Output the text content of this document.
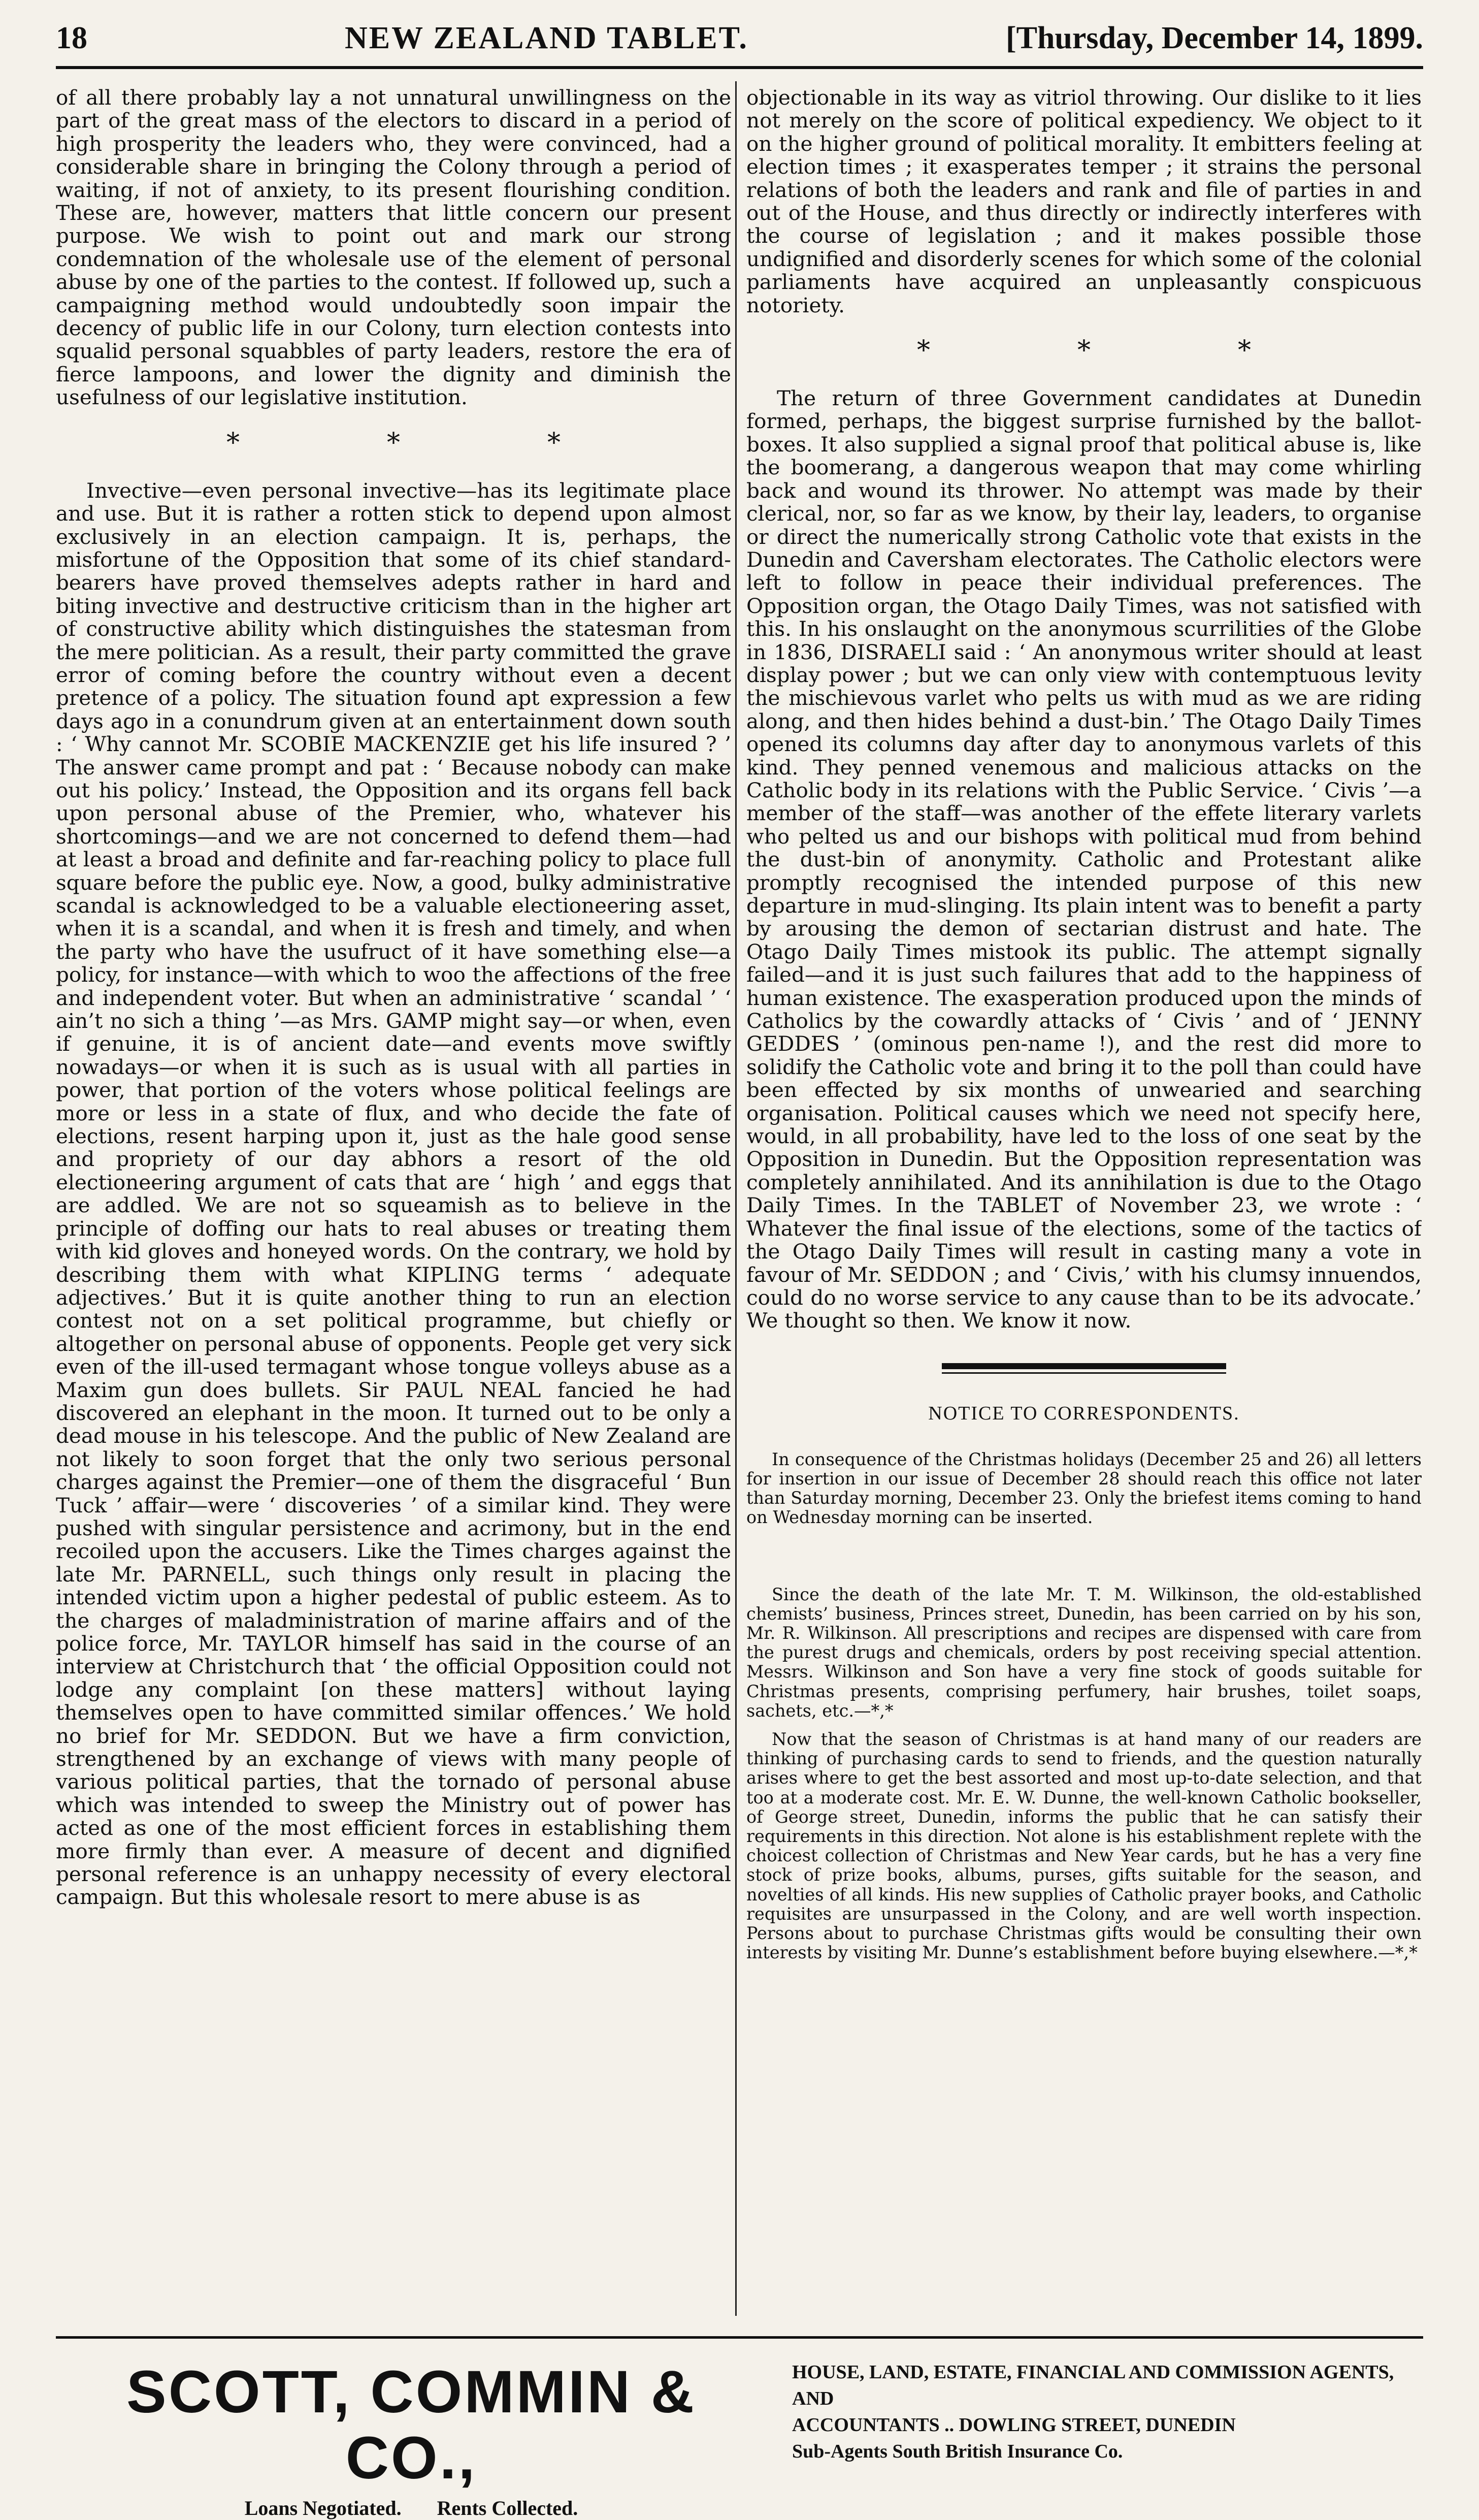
18	NEW ZEALAND TABLET.	[Thursday, December 14, 1899.

of all there probably lay a not unnatural unwillingness on the part of the great mass of the electors to discard in a period of high prosperity the leaders who, they were convinced, had a considerable share in bringing the Colony through a period of waiting, if not of anxiety, to its present flourishing condition. These are, however, matters that little concern our present purpose. We wish to point out and mark our strong condemnation of the wholesale use of the element of personal abuse by one of the parties to the contest. If followed up, such a campaigning method would undoubtedly soon impair the decency of public life in our Colony, turn election contests into squalid personal squabbles of party leaders, restore the era of fierce lampoons, and lower the dignity and diminish the usefulness of our legislative institution.

*	*	*

Invective—even personal invective—has its legitimate place and use. But it is rather a rotten stick to depend upon almost exclusively in an election campaign. It is, perhaps, the misfortune of the Opposition that some of its chief standard-bearers have proved themselves adepts rather in hard and biting invective and destructive criticism than in the higher art of constructive ability which distinguishes the statesman from the mere politician. As a result, their party committed the grave error of coming before the country without even a decent pretence of a policy. The situation found apt expression a few days ago in a conundrum given at an entertainment down south : ‘ Why cannot Mr. SCOBIE MACKENZIE get his life insured ? ’ The answer came prompt and pat : ‘ Because nobody can make out his policy.’ Instead, the Opposition and its organs fell back upon personal abuse of the Premier, who, whatever his shortcomings—and we are not concerned to defend them—had at least a broad and definite and far-reaching policy to place full square before the public eye. Now, a good, bulky administrative scandal is acknowledged to be a valuable electioneering asset, when it is a scandal, and when it is fresh and timely, and when the party who have the usufruct of it have something else—a policy, for instance—with which to woo the affections of the free and independent voter. But when an administrative ‘ scandal ’ ‘ ain’t no sich a thing ’—as Mrs. GAMP might say—or when, even if genuine, it is of ancient date—and events move swiftly nowadays—or when it is such as is usual with all parties in power, that portion of the voters whose political feelings are more or less in a state of flux, and who decide the fate of elections, resent harping upon it, just as the hale good sense and propriety of our day abhors a resort of the old electioneering argument of cats that are ‘ high ’ and eggs that are addled. We are not so squeamish as to believe in the principle of doffing our hats to real abuses or treating them with kid gloves and honeyed words. On the contrary, we hold by describing them with what KIPLING terms ‘ adequate adjectives.’ But it is quite another thing to run an election contest not on a set political programme, but chiefly or altogether on personal abuse of opponents. People get very sick even of the ill-used termagant whose tongue volleys abuse as a Maxim gun does bullets. Sir PAUL NEAL fancied he had discovered an elephant in the moon. It turned out to be only a dead mouse in his telescope. And the public of New Zealand are not likely to soon forget that the only two serious personal charges against the Premier—one of them the disgraceful ‘ Bun Tuck ’ affair—were ‘ discoveries ’ of a similar kind. They were pushed with singular persistence and acrimony, but in the end recoiled upon the accusers. Like the Times charges against the late Mr. PARNELL, such things only result in placing the intended victim upon a higher pedestal of public esteem. As to the charges of maladministration of marine affairs and of the police force, Mr. TAYLOR himself has said in the course of an interview at Christchurch that ‘ the official Opposition could not lodge any complaint [on these matters] without laying themselves open to have committed similar offences.’ We hold no brief for Mr. SEDDON. But we have a firm conviction, strengthened by an exchange of views with many people of various political parties, that the tornado of personal abuse which was intended to sweep the Ministry out of power has acted as one of the most efficient forces in establishing them more firmly than ever. A measure of decent and dignified personal reference is an unhappy necessity of every electoral campaign. But this wholesale resort to mere abuse is as

objectionable in its way as vitriol throwing. Our dislike to it lies not merely on the score of political expediency. We object to it on the higher ground of political morality. It embitters feeling at election times ; it exasperates temper ; it strains the personal relations of both the leaders and rank and file of parties in and out of the House, and thus directly or indirectly interferes with the course of legislation ; and it makes possible those undignified and disorderly scenes for which some of the colonial parliaments have acquired an unpleasantly conspicuous notoriety.

*	*	*

The return of three Government candidates at Dunedin formed, perhaps, the biggest surprise furnished by the ballot-boxes. It also supplied a signal proof that political abuse is, like the boomerang, a dangerous weapon that may come whirling back and wound its thrower. No attempt was made by their clerical, nor, so far as we know, by their lay, leaders, to organise or direct the numerically strong Catholic vote that exists in the Dunedin and Caversham electorates. The Catholic electors were left to follow in peace their individual preferences. The Opposition organ, the Otago Daily Times, was not satisfied with this. In his onslaught on the anonymous scurrilities of the Globe in 1836, DISRAELI said : ‘ An anonymous writer should at least display power ; but we can only view with contemptuous levity the mischievous varlet who pelts us with mud as we are riding along, and then hides behind a dust-bin.’ The Otago Daily Times opened its columns day after day to anonymous varlets of this kind. They penned venemous and malicious attacks on the Catholic body in its relations with the Public Service. ‘ Civis ’—a member of the staff—was another of the effete literary varlets who pelted us and our bishops with political mud from behind the dust-bin of anonymity. Catholic and Protestant alike promptly recognised the intended purpose of this new departure in mud-slinging. Its plain intent was to benefit a party by arousing the demon of sectarian distrust and hate. The Otago Daily Times mistook its public. The attempt signally failed—and it is just such failures that add to the happiness of human existence. The exasperation produced upon the minds of Catholics by the cowardly attacks of ‘ Civis ’ and of ‘ JENNY GEDDES ’ (ominous pen-name !), and the rest did more to solidify the Catholic vote and bring it to the poll than could have been effected by six months of unwearied and searching organisation. Political causes which we need not specify here, would, in all probability, have led to the loss of one seat by the Opposition in Dunedin. But the Opposition representation was completely annihilated. And its annihilation is due to the Otago Daily Times. In the TABLET of November 23, we wrote : ‘ Whatever the final issue of the elections, some of the tactics of the Otago Daily Times will result in casting many a vote in favour of Mr. SEDDON ; and ‘ Civis,’ with his clumsy innuendos, could do no worse service to any cause than to be its advocate.’ We thought so then. We know it now.

NOTICE TO CORRESPONDENTS.

In consequence of the Christmas holidays (December 25 and 26) all letters for insertion in our issue of December 28 should reach this office not later than Saturday morning, December 23. Only the briefest items coming to hand on Wednesday morning can be inserted.

Since the death of the late Mr. T. M. Wilkinson, the old-established chemists’ business, Princes street, Dunedin, has been carried on by his son, Mr. R. Wilkinson. All prescriptions and recipes are dispensed with care from the purest drugs and chemicals, orders by post receiving special attention. Messrs. Wilkinson and Son have a very fine stock of goods suitable for Christmas presents, comprising perfumery, hair brushes, toilet soaps, sachets, etc.—*,*

Now that the season of Christmas is at hand many of our readers are thinking of purchasing cards to send to friends, and the question naturally arises where to get the best assorted and most up-to-date selection, and that too at a moderate cost. Mr. E. W. Dunne, the well-known Catholic bookseller, of George street, Dunedin, informs the public that he can satisfy their requirements in this direction. Not alone is his establishment replete with the choicest collection of Christmas and New Year cards, but he has a very fine stock of prize books, albums, purses, gifts suitable for the season, and novelties of all kinds. His new supplies of Catholic prayer books, and Catholic requisites are unsurpassed in the Colony, and are well worth inspection. Persons about to purchase Christmas gifts would be consulting their own interests by visiting Mr. Dunne’s establishment before buying elsewhere.—*,*

SCOTT, COMMIN & CO.,
Loans Negotiated. Rents Collected.
HOUSE, LAND, ESTATE, FINANCIAL AND COMMISSION AGENTS, AND
ACCOUNTANTS .. DOWLING STREET, DUNEDIN
Sub-Agents South British Insurance Co.
